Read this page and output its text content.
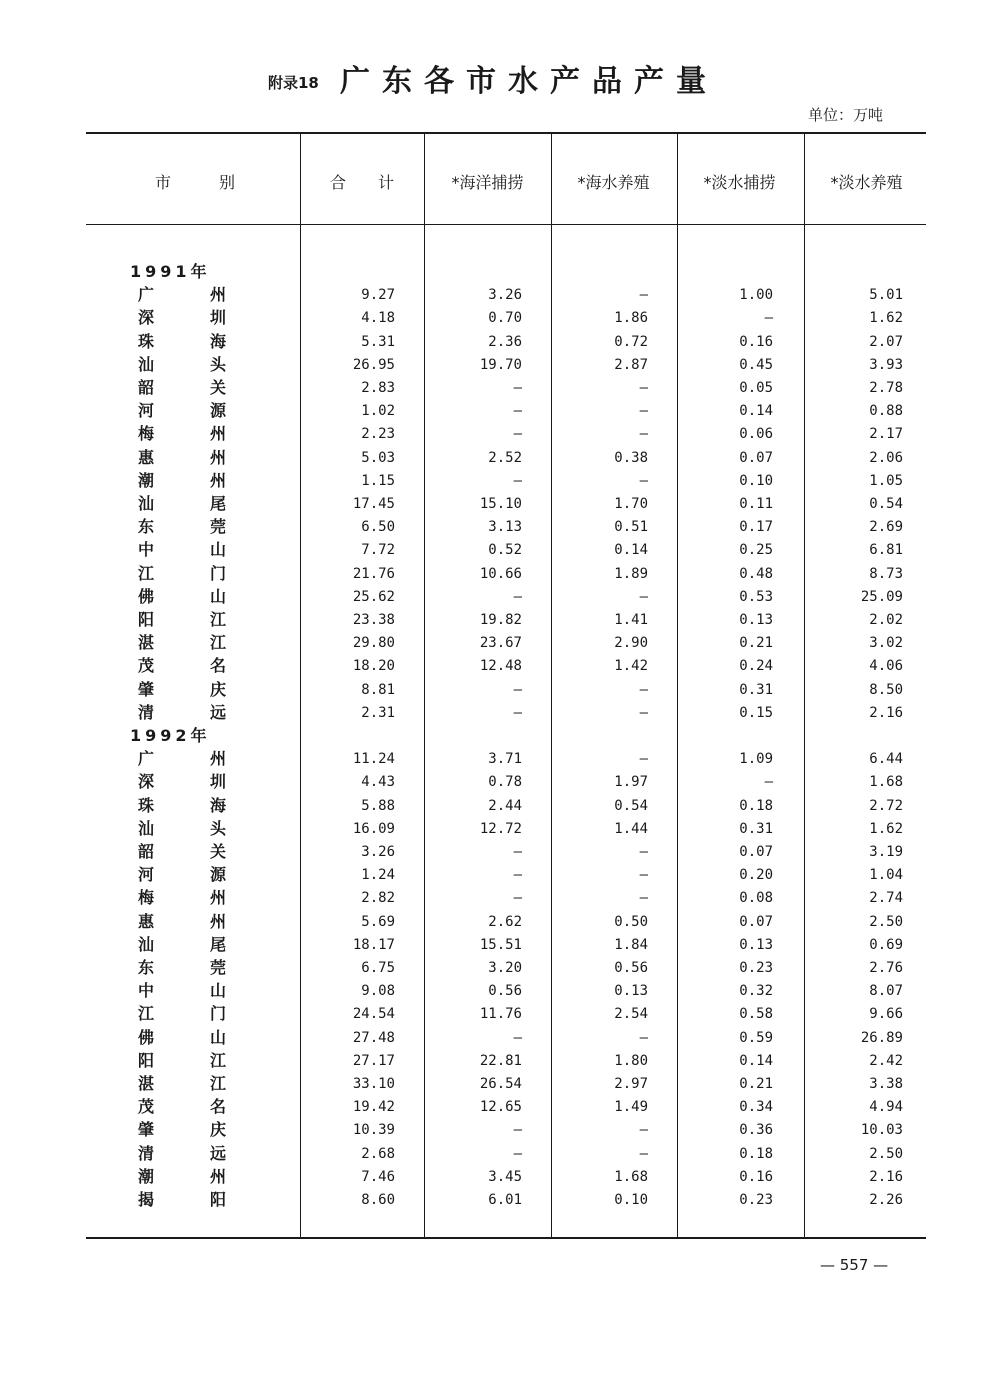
附录18 广东各市水产品产量
单位：万吨
市　　　别	合　　计	*海洋捕捞	*海水养殖	*淡水捕捞	*淡水养殖
1991年
广	州	9.27	3.26	—	1.00	5.01
深	圳	4.18	0.70	1.86	—	1.62
珠	海	5.31	2.36	0.72	0.16	2.07
汕	头	26.95	19.70	2.87	0.45	3.93
韶	关	2.83	—	—	0.05	2.78
河	源	1.02	—	—	0.14	0.88
梅	州	2.23	—	—	0.06	2.17
惠	州	5.03	2.52	0.38	0.07	2.06
潮	州	1.15	—	—	0.10	1.05
汕	尾	17.45	15.10	1.70	0.11	0.54
东	莞	6.50	3.13	0.51	0.17	2.69
中	山	7.72	0.52	0.14	0.25	6.81
江	门	21.76	10.66	1.89	0.48	8.73
佛	山	25.62	—	—	0.53	25.09
阳	江	23.38	19.82	1.41	0.13	2.02
湛	江	29.80	23.67	2.90	0.21	3.02
茂	名	18.20	12.48	1.42	0.24	4.06
肇	庆	8.81	—	—	0.31	8.50
清	远	2.31	—	—	0.15	2.16
1992年
广	州	11.24	3.71	—	1.09	6.44
深	圳	4.43	0.78	1.97	—	1.68
珠	海	5.88	2.44	0.54	0.18	2.72
汕	头	16.09	12.72	1.44	0.31	1.62
韶	关	3.26	—	—	0.07	3.19
河	源	1.24	—	—	0.20	1.04
梅	州	2.82	—	—	0.08	2.74
惠	州	5.69	2.62	0.50	0.07	2.50
汕	尾	18.17	15.51	1.84	0.13	0.69
东	莞	6.75	3.20	0.56	0.23	2.76
中	山	9.08	0.56	0.13	0.32	8.07
江	门	24.54	11.76	2.54	0.58	9.66
佛	山	27.48	—	—	0.59	26.89
阳	江	27.17	22.81	1.80	0.14	2.42
湛	江	33.10	26.54	2.97	0.21	3.38
茂	名	19.42	12.65	1.49	0.34	4.94
肇	庆	10.39	—	—	0.36	10.03
清	远	2.68	—	—	0.18	2.50
潮	州	7.46	3.45	1.68	0.16	2.16
揭	阳	8.60	6.01	0.10	0.23	2.26
— 557 —
